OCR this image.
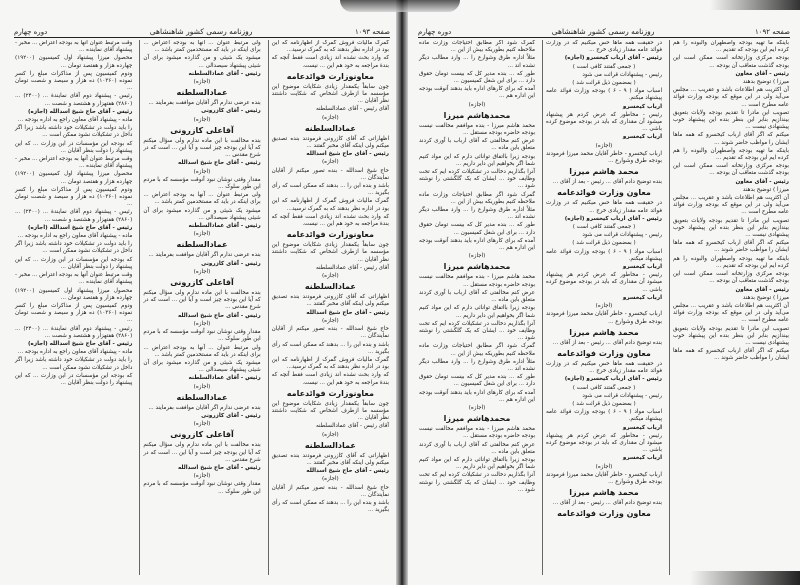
صفحه ۱۰۹۳
روزنامه رسمی کشور شاهنشاهی
دوره چهارم

گمرک مالیات فروش گمرک از اظهارنامه که این بود در اداره نظر بدهند که به گمرک نرسید...

که وارد بحث نشده اند زیادی است فقط آنچه که بندهٔ مراجعه به خود هم این ... نیست.

معاونوزارت فوائدعامه

چون سابقاً یکمقدار زیادی شکایات موضوع این مؤسسه ما ازطرف اشخاص که شکایت داشتند نظر آقایان ...

آقای رئیس - آقای عمادالسلطنه

(اجازه)

عمادالسلطنه

اظهاراتی که آقای کازرونی فرمودند بنده تصدیق میکنم ولی اینکه آقای مخبر گفتند ...

رئیس - آقای حاج شیخ اسدالله

(اجازه)

حاج شیخ اسدالله - بنده تصور میکنم از آقایان نمایندگان ...

باشد و بنده این را ... بدهند که ممکن است که رأی بگیرید ...

گمرک مالیات فروش گمرک از اظهارنامه که این بود در اداره نظر بدهند که به گمرک نرسید...

که وارد بحث نشده اند زیادی است فقط آنچه که بندهٔ مراجعه به خود هم این ... نیست.

معاونوزارت فوائدعامه

چون سابقاً یکمقدار زیادی شکایات موضوع این مؤسسه ما ازطرف اشخاص که شکایت داشتند نظر آقایان ...

آقای رئیس - آقای عمادالسلطنه

(اجازه)

عمادالسلطنه

اظهاراتی که آقای کازرونی فرمودند بنده تصدیق میکنم ولی اینکه آقای مخبر گفتند ...

رئیس - آقای حاج شیخ اسدالله

(اجازه)

حاج شیخ اسدالله - بنده تصور میکنم از آقایان نمایندگان ...

باشد و بنده این را ... بدهند که ممکن است که رأی بگیرید ...

گمرک مالیات فروش گمرک از اظهارنامه که این بود در اداره نظر بدهند که به گمرک نرسید...

که وارد بحث نشده اند زیادی است فقط آنچه که بندهٔ مراجعه به خود هم این ... نیست.

معاونوزارت فوائدعامه

چون سابقاً یکمقدار زیادی شکایات موضوع این مؤسسه ما ازطرف اشخاص که شکایت داشتند نظر آقایان ...

آقای رئیس - آقای عمادالسلطنه

(اجازه)

عمادالسلطنه

اظهاراتی که آقای کازرونی فرمودند بنده تصدیق میکنم ولی اینکه آقای مخبر گفتند ...

رئیس - آقای حاج شیخ اسدالله

(اجازه)

حاج شیخ اسدالله - بنده تصور میکنم از آقایان نمایندگان ...

باشد و بنده این را ... بدهند که ممکن است که رأی بگیرید ...

ولی مرتبط عنوان ... آنها به بودجه اعتراض ... برای اینکه در باید که مستخدمین کمتر باشد ...

میشود یک شیئی و من گذارده میشود برای آن شیئی پیشنهاد سیصدالی ...

رئیس - آقای عمادالسلطنه

(اجازه)

عمادالسلطنه

بنده عرضی ندارم اگر آقایان موافقت بفرمایند ...

رئیس - آقای کازرونی

(اجازه)

آقاعلی کازرونی

بنده مخالفت با این ماده ندارم ولی سؤال میکنم که آیا این بودجه چیز است و آیا این ... است که در شرع مقدس ...

رئیس - آقای حاج شیخ اسدالله

(اجازه)

مقدار وقتی نوشان نبود آنوقت مؤسسه که با مردم این طور سلوک ...

ولی مرتبط عنوان ... آنها به بودجه اعتراض ... برای اینکه در باید که مستخدمین کمتر باشد ...

میشود یک شیئی و من گذارده میشود برای آن شیئی پیشنهاد سیصدالی ...

رئیس - آقای عمادالسلطنه

(اجازه)

عمادالسلطنه

بنده عرضی ندارم اگر آقایان موافقت بفرمایند ...

رئیس - آقای کازرونی

(اجازه)

آقاعلی کازرونی

بنده مخالفت با این ماده ندارم ولی سؤال میکنم که آیا این بودجه چیز است و آیا این ... است که در شرع مقدس ...

رئیس - آقای حاج شیخ اسدالله

(اجازه)

مقدار وقتی نوشان نبود آنوقت مؤسسه که با مردم این طور سلوک ...

ولی مرتبط عنوان ... آنها به بودجه اعتراض ... برای اینکه در باید که مستخدمین کمتر باشد ...

میشود یک شیئی و من گذارده میشود برای آن شیئی پیشنهاد سیصدالی ...

رئیس - آقای عمادالسلطنه

(اجازه)

عمادالسلطنه

بنده عرضی ندارم اگر آقایان موافقت بفرمایند ...

رئیس - آقای کازرونی

(اجازه)

آقاعلی کازرونی

بنده مخالفت با این ماده ندارم ولی سؤال میکنم که آیا این بودجه چیز است و آیا این ... است که در شرع مقدس ...

رئیس - آقای حاج شیخ اسدالله

(اجازه)

مقدار وقتی نوشان نبود آنوقت مؤسسه که با مردم این طور سلوک ...

وقت مرتبط عنوان آنها به بودجه اعتراض ... مخبر - پیشنهاد آقای نماینده ...

محصول میرزا پیشنهاد اول کمیسیون (۱۹۲۰۰) چهارده هزار و هفتصد تومان ...

ودوم کمیسیون پس از مذاکرات مبلغ را کسر نموده (۱۰۳۶۰) ده هزار و سیصد و شصت تومان ...

رئیس - پیشنهاد دوم آقای نمایندهٔ ... (۲۴۰۰) ... (۲۸۶۰) هفتهزار و هشتصد و شصت ...

رئیس - آقای حاج شیخ اسدالله (اجازه)

ماده - پیشنهاد آقای معاون راجع به اداره بودجه ...

را باید دولت در تشکیلات خود داشته باشد زیرا اگر داخل در تشکیلات نشود ممکن است ...

که بودجه این مؤسسات در این وزارت ... که این پیشنهاد را دولت بنظر آقایان ...

وقت مرتبط عنوان آنها به بودجه اعتراض ... مخبر - پیشنهاد آقای نماینده ...

محصول میرزا پیشنهاد اول کمیسیون (۱۹۲۰۰) چهارده هزار و هفتصد تومان ...

ودوم کمیسیون پس از مذاکرات مبلغ را کسر نموده (۱۰۳۶۰) ده هزار و سیصد و شصت تومان ...

رئیس - پیشنهاد دوم آقای نمایندهٔ ... (۲۴۰۰) ... (۲۸۶۰) هفتهزار و هشتصد و شصت ...

رئیس - آقای حاج شیخ اسدالله (اجازه)

ماده - پیشنهاد آقای معاون راجع به اداره بودجه ...

را باید دولت در تشکیلات خود داشته باشد زیرا اگر داخل در تشکیلات نشود ممکن است ...

که بودجه این مؤسسات در این وزارت ... که این پیشنهاد را دولت بنظر آقایان ...

وقت مرتبط عنوان آنها به بودجه اعتراض ... مخبر - پیشنهاد آقای نماینده ...

محصول میرزا پیشنهاد اول کمیسیون (۱۹۲۰۰) چهارده هزار و هفتصد تومان ...

ودوم کمیسیون پس از مذاکرات مبلغ را کسر نموده (۱۰۳۶۰) ده هزار و سیصد و شصت تومان ...

رئیس - پیشنهاد دوم آقای نمایندهٔ ... (۲۴۰۰) ... (۲۸۶۰) هفتهزار و هشتصد و شصت ...

رئیس - آقای حاج شیخ اسدالله (اجازه)

ماده - پیشنهاد آقای معاون راجع به اداره بودجه ...

را باید دولت در تشکیلات خود داشته باشد زیرا اگر داخل در تشکیلات نشود ممکن است ...

که بودجه این مؤسسات در این وزارت ... که این پیشنهاد را دولت بنظر آقایان ...

صفحه ۱۰۹۲
روزنامه رسمی کشور شاهنشاهی
دوره چهارم

باینکه ما تهیه بودجه واصطهران والبوده را هم کرده ایم این بودجه که تقدیم ...

بودجه مرکزی وزارتخانه است ممکن است این بودجه گذشت متعاقب آن بودجه ...

رئیس - آقای معاون

میرزا ) توضیح بدهند

آن اکثریت هم اطلاعات باشد و عقریب ... مجلس می‌آید ولی در این موقع که بودجه وزارت فوائد عامه مطرح است ...

تصویب این مادرا تا تقدیم بودجه ولایات بتعویق بیندازیم بنابر این بنظر بنده این پیشنهاد خوب پیشنهادی نیست ...

میکنم که اگر آقای ارباب کیخسرو که همه ماها ایشان را مواظب حاضر شوند ...

باینکه ما تهیه بودجه واصطهران والبوده را هم کرده ایم این بودجه که تقدیم ...

بودجه مرکزی وزارتخانه است ممکن است این بودجه گذشت متعاقب آن بودجه ...

رئیس - آقای معاون

میرزا ) توضیح بدهند

آن اکثریت هم اطلاعات باشد و عقریب ... مجلس می‌آید ولی در این موقع که بودجه وزارت فوائد عامه مطرح است ...

تصویب این مادرا تا تقدیم بودجه ولایات بتعویق بیندازیم بنابر این بنظر بنده این پیشنهاد خوب پیشنهادی نیست ...

میکنم که اگر آقای ارباب کیخسرو که همه ماها ایشان را مواظب حاضر شوند ...

باینکه ما تهیه بودجه واصطهران والبوده را هم کرده ایم این بودجه که تقدیم ...

بودجه مرکزی وزارتخانه است ممکن است این بودجه گذشت متعاقب آن بودجه ...

رئیس - آقای معاون

میرزا ) توضیح بدهند

آن اکثریت هم اطلاعات باشد و عقریب ... مجلس می‌آید ولی در این موقع که بودجه وزارت فوائد عامه مطرح است ...

تصویب این مادرا تا تقدیم بودجه ولایات بتعویق بیندازیم بنابر این بنظر بنده این پیشنهاد خوب پیشنهادی نیست ...

میکنم که اگر آقای ارباب کیخسرو که همه ماها ایشان را مواظب حاضر شوند ...

در حقیقت همه ماها حس میکنیم که در وزارت فوائد عامه مقدار زیادی خرج ...

رئیس - آقای ارباب کیخسرو (اجازه)

( جمعی گفتند کافی است )

رئیس - پیشنهادات قرائت می شود

( بمضمون ذیل قرائت شد )

اسباب مواد ( ۹ - ۶ ) بودجه وزارت فوائد عامه پیشنهاد میکنم.

ارباب کیخسرو

رئیس - مخاطور که عرض کردم هر پیشنهاد میشود آن مقداری که باید در بودجه موضوع کرده باشی ...

ارباب کیخسرو

(اجازه)

ارباب کیخسرو - خاطر آقایان محمد میرزا فرمودند بودجه طرق وشوارع ...

محمد هاشم میرزا

بنده توضیح دادم آقای ... رئیس - بعد از آقای ...

معاون وزارت فوائدعامه

در حقیقت همه ماها حس میکنیم که در وزارت فوائد عامه مقدار زیادی خرج ...

رئیس - آقای ارباب کیخسرو (اجازه)

( جمعی گفتند کافی است )

رئیس - پیشنهادات قرائت می شود

( بمضمون ذیل قرائت شد )

اسباب مواد ( ۹ - ۶ ) بودجه وزارت فوائد عامه پیشنهاد میکنم.

ارباب کیخسرو

رئیس - مخاطور که عرض کردم هر پیشنهاد میشود آن مقداری که باید در بودجه موضوع کرده باشی ...

ارباب کیخسرو

(اجازه)

ارباب کیخسرو - خاطر آقایان محمد میرزا فرمودند بودجه طرق وشوارع ...

محمد هاشم میرزا

بنده توضیح دادم آقای ... رئیس - بعد از آقای ...

معاون وزارت فوائدعامه

در حقیقت همه ماها حس میکنیم که در وزارت فوائد عامه مقدار زیادی خرج ...

رئیس - آقای ارباب کیخسرو (اجازه)

( جمعی گفتند کافی است )

رئیس - پیشنهادات قرائت می شود

( بمضمون ذیل قرائت شد )

اسباب مواد ( ۹ - ۶ ) بودجه وزارت فوائد عامه پیشنهاد میکنم.

ارباب کیخسرو

رئیس - مخاطور که عرض کردم هر پیشنهاد میشود آن مقداری که باید در بودجه موضوع کرده باشی ...

ارباب کیخسرو

(اجازه)

ارباب کیخسرو - خاطر آقایان محمد میرزا فرمودند بودجه طرق وشوارع ...

محمد هاشم میرزا

بنده توضیح دادم آقای ... رئیس - بعد از آقای ...

معاون وزارت فوائدعامه

گمرک شود اگر مطابق احتیاجات وزارت ماده ملاحظه کنیم بطوریکه بیش از این ...

مثلاً اداره طرق وشوارع را ... وارد مطالب دیگر نشده اند ...

طور که ... بنده مدیر کل که بیست تومان حقوق دارد ... برای این شغل کمیسیون ...

آمده که برای کارهای اداره باید بدهند آنوقت بودجه این اداره هم ...

(اجازه)

محمدهاشم میرزا

محمد هاشم میرزا - بنده موافقم مخالفت نیست بودجه حاضره بودجه مستقل ...

عرض کنم مخالفتی که آقای ارباب با آوری کردند متعلق باین ماده ...

بودجه زیرا بااتفاق توانائی دارم که این مواد کنیم شما اگر بخواهیم این دایر داریم ...

آنرا بگذاریم دخالت در تشکیلات کرده ایم که تحت وظایف خود ... ایشان که یک گلگشتی را نوشته شود ...

گمرک شود اگر مطابق احتیاجات وزارت ماده ملاحظه کنیم بطوریکه بیش از این ...

مثلاً اداره طرق وشوارع را ... وارد مطالب دیگر نشده اند ...

طور که ... بنده مدیر کل که بیست تومان حقوق دارد ... برای این شغل کمیسیون ...

آمده که برای کارهای اداره باید بدهند آنوقت بودجه این اداره هم ...

(اجازه)

محمدهاشم میرزا

محمد هاشم میرزا - بنده موافقم مخالفت نیست بودجه حاضره بودجه مستقل ...

عرض کنم مخالفتی که آقای ارباب با آوری کردند متعلق باین ماده ...

بودجه زیرا بااتفاق توانائی دارم که این مواد کنیم شما اگر بخواهیم این دایر داریم ...

آنرا بگذاریم دخالت در تشکیلات کرده ایم که تحت وظایف خود ... ایشان که یک گلگشتی را نوشته شود ...

گمرک شود اگر مطابق احتیاجات وزارت ماده ملاحظه کنیم بطوریکه بیش از این ...

مثلاً اداره طرق وشوارع را ... وارد مطالب دیگر نشده اند ...

طور که ... بنده مدیر کل که بیست تومان حقوق دارد ... برای این شغل کمیسیون ...

آمده که برای کارهای اداره باید بدهند آنوقت بودجه این اداره هم ...

(اجازه)

محمدهاشم میرزا

محمد هاشم میرزا - بنده موافقم مخالفت نیست بودجه حاضره بودجه مستقل ...

عرض کنم مخالفتی که آقای ارباب با آوری کردند متعلق باین ماده ...

بودجه زیرا بااتفاق توانائی دارم که این مواد کنیم شما اگر بخواهیم این دایر داریم ...

آنرا بگذاریم دخالت در تشکیلات کرده ایم که تحت وظایف خود ... ایشان که یک گلگشتی را نوشته شود ...
